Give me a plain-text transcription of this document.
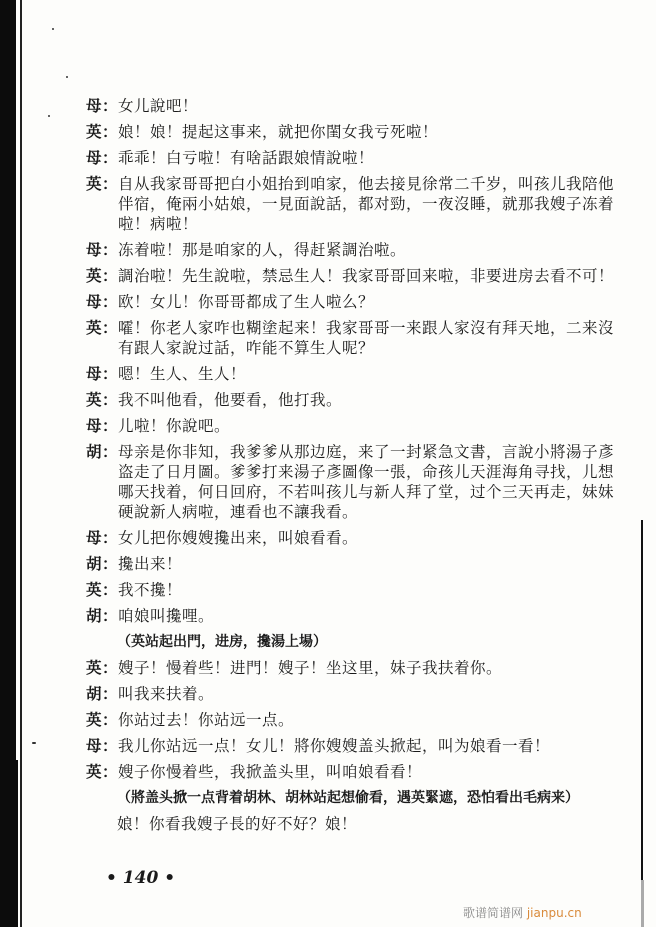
母： 女儿說吧！
英： 娘！娘！提起这事来，就把你閨女我亏死啦！
母： 乖乖！白亏啦！有啥話跟娘情說啦！
英： 自从我家哥哥把白小姐抬到咱家，他去接見徐常二千岁，叫孩儿我陪他伴宿，俺兩小姑娘，一見面說話，都对勁，一夜沒睡，就那我嫂子冻着啦！病啦！
母： 冻着啦！那是咱家的人，得赶紧調治啦。
英： 調治啦！先生說啦，禁忌生人！我家哥哥回来啦，非要进房去看不可！
母： 欧！女儿！你哥哥都成了生人啦么？
英： 嚯！你老人家咋也糊塗起来！我家哥哥一来跟人家沒有拜天地，二来沒有跟人家說过話，咋能不算生人呢？
母： 嗯！生人、生人！
英： 我不叫他看，他要看，他打我。
母： 儿啦！你說吧。
胡： 母亲是你非知，我爹爹从那边庭，来了一封紧急文書，言說小將湯子彥盗走了日月圖。爹爹打来湯子彥圖像一張，命孩儿天涯海角寻找，儿想哪天找着，何日回府，不若叫孩儿与新人拜了堂，过个三天再走，妹妹硬說新人病啦，連看也不讓我看。
母： 女儿把你嫂嫂攙出来，叫娘看看。
胡： 攙出来！
英： 我不攙！
胡： 咱娘叫攙哩。
（英站起出門，进房，攙湯上場）
英： 嫂子！慢着些！进門！嫂子！坐这里，妹子我扶着你。
胡： 叫我来扶着。
英： 你站过去！你站远一点。
母： 我儿你站远一点！女儿！將你嫂嫂盖头掀起，叫为娘看一看！
英： 嫂子你慢着些，我掀盖头里，叫咱娘看看！
（將盖头掀一点背着胡林、胡林站起想偷看，遇英緊遮，恐怕看出毛病来）
娘！你看我嫂子長的好不好？娘！
• 140 •
歌谱简谱网 jianpu.cn
